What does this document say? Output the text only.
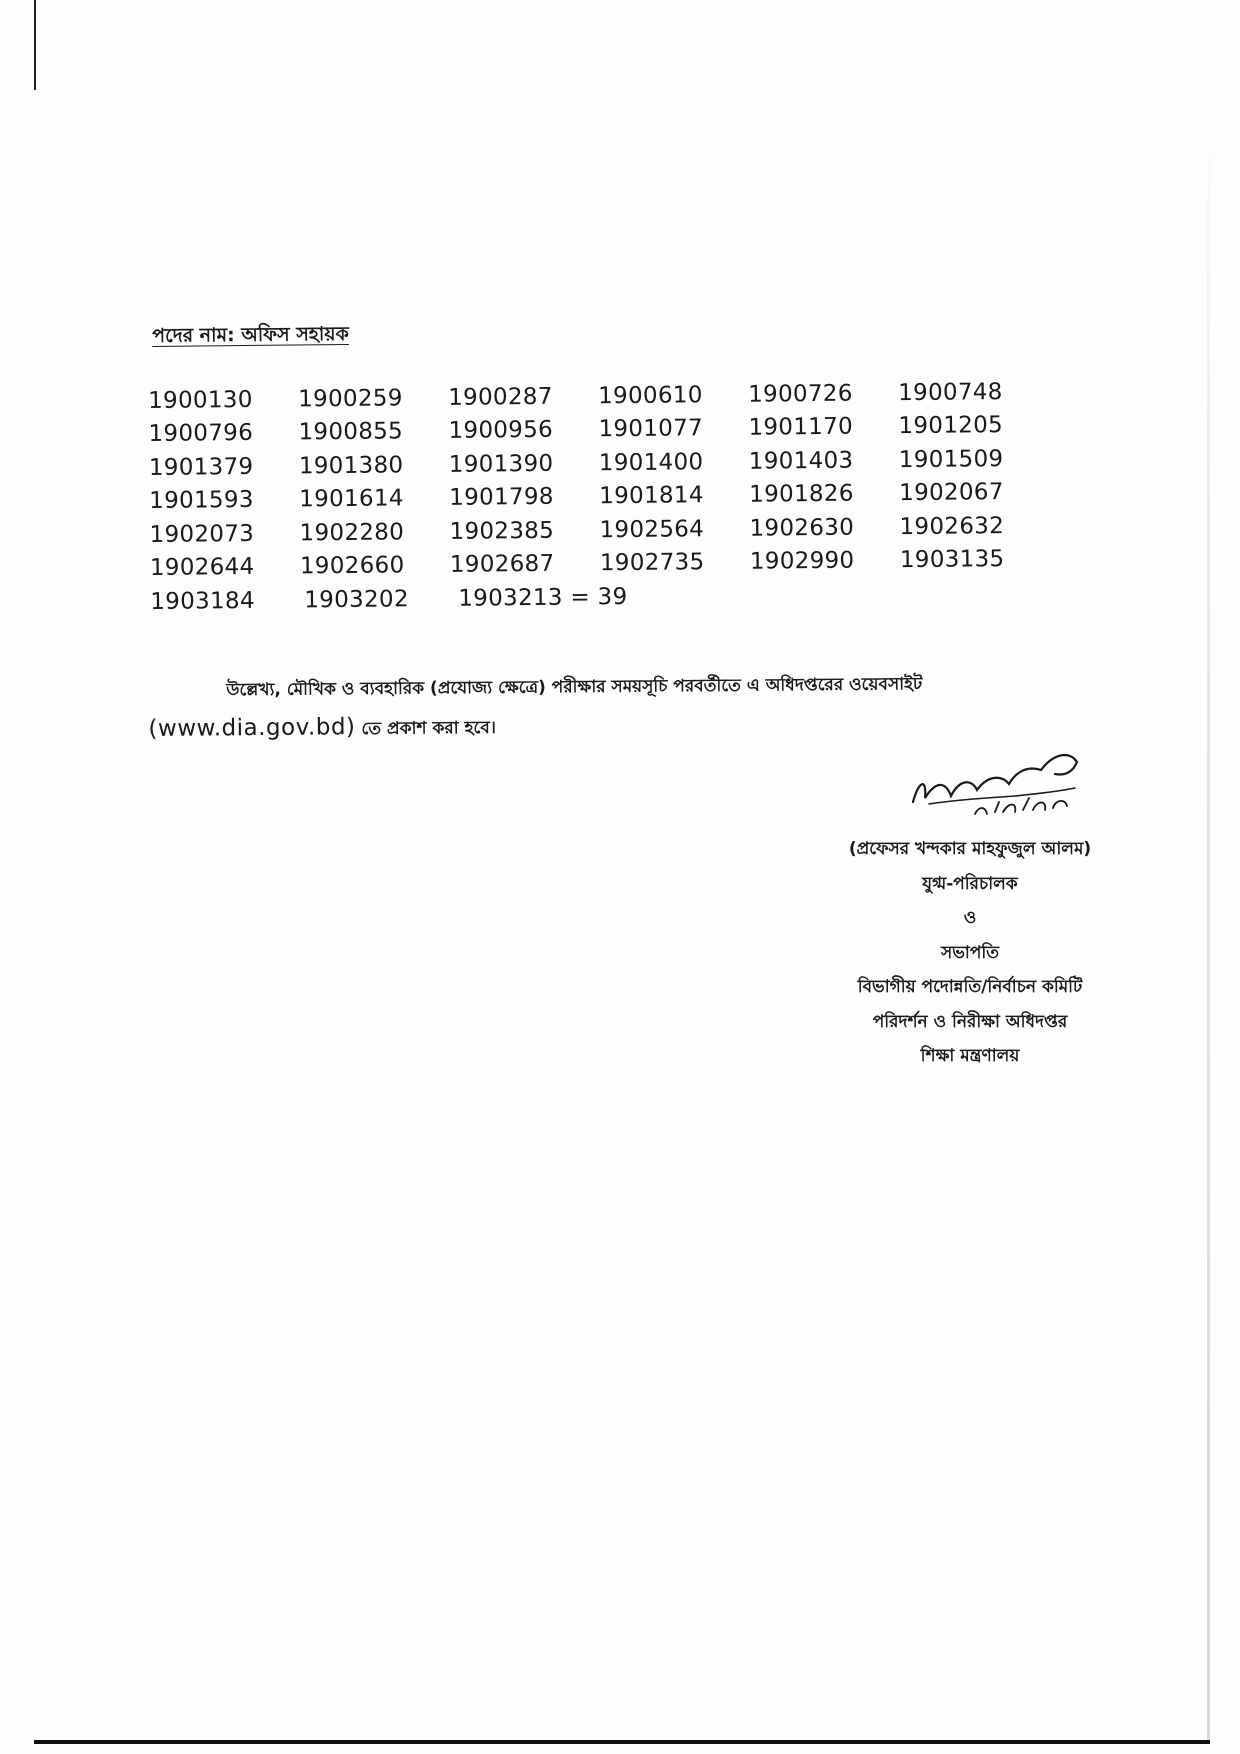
পদের নাম: অফিস সহায়ক
1900130	1900259	1900287	1900610	1900726	1900748
1900796	1900855	1900956	1901077	1901170	1901205
1901379	1901380	1901390	1901400	1901403	1901509
1901593	1901614	1901798	1901814	1901826	1902067
1902073	1902280	1902385	1902564	1902630	1902632
1902644	1902660	1902687	1902735	1902990	1903135
1903184	1903202	1903213 = 39
উল্লেখ্য, মৌখিক ও ব্যবহারিক (প্রযোজ্য ক্ষেত্রে) পরীক্ষার সময়সূচি পরবর্তীতে এ অধিদপ্তরের ওয়েবসাইট
(www.dia.gov.bd) তে প্রকাশ করা হবে।
(প্রফেসর খন্দকার মাহফুজুল আলম)
যুগ্ম-পরিচালক
ও
সভাপতি
বিভাগীয় পদোন্নতি/নির্বাচন কমিটি
পরিদর্শন ও নিরীক্ষা অধিদপ্তর
শিক্ষা মন্ত্রণালয়
